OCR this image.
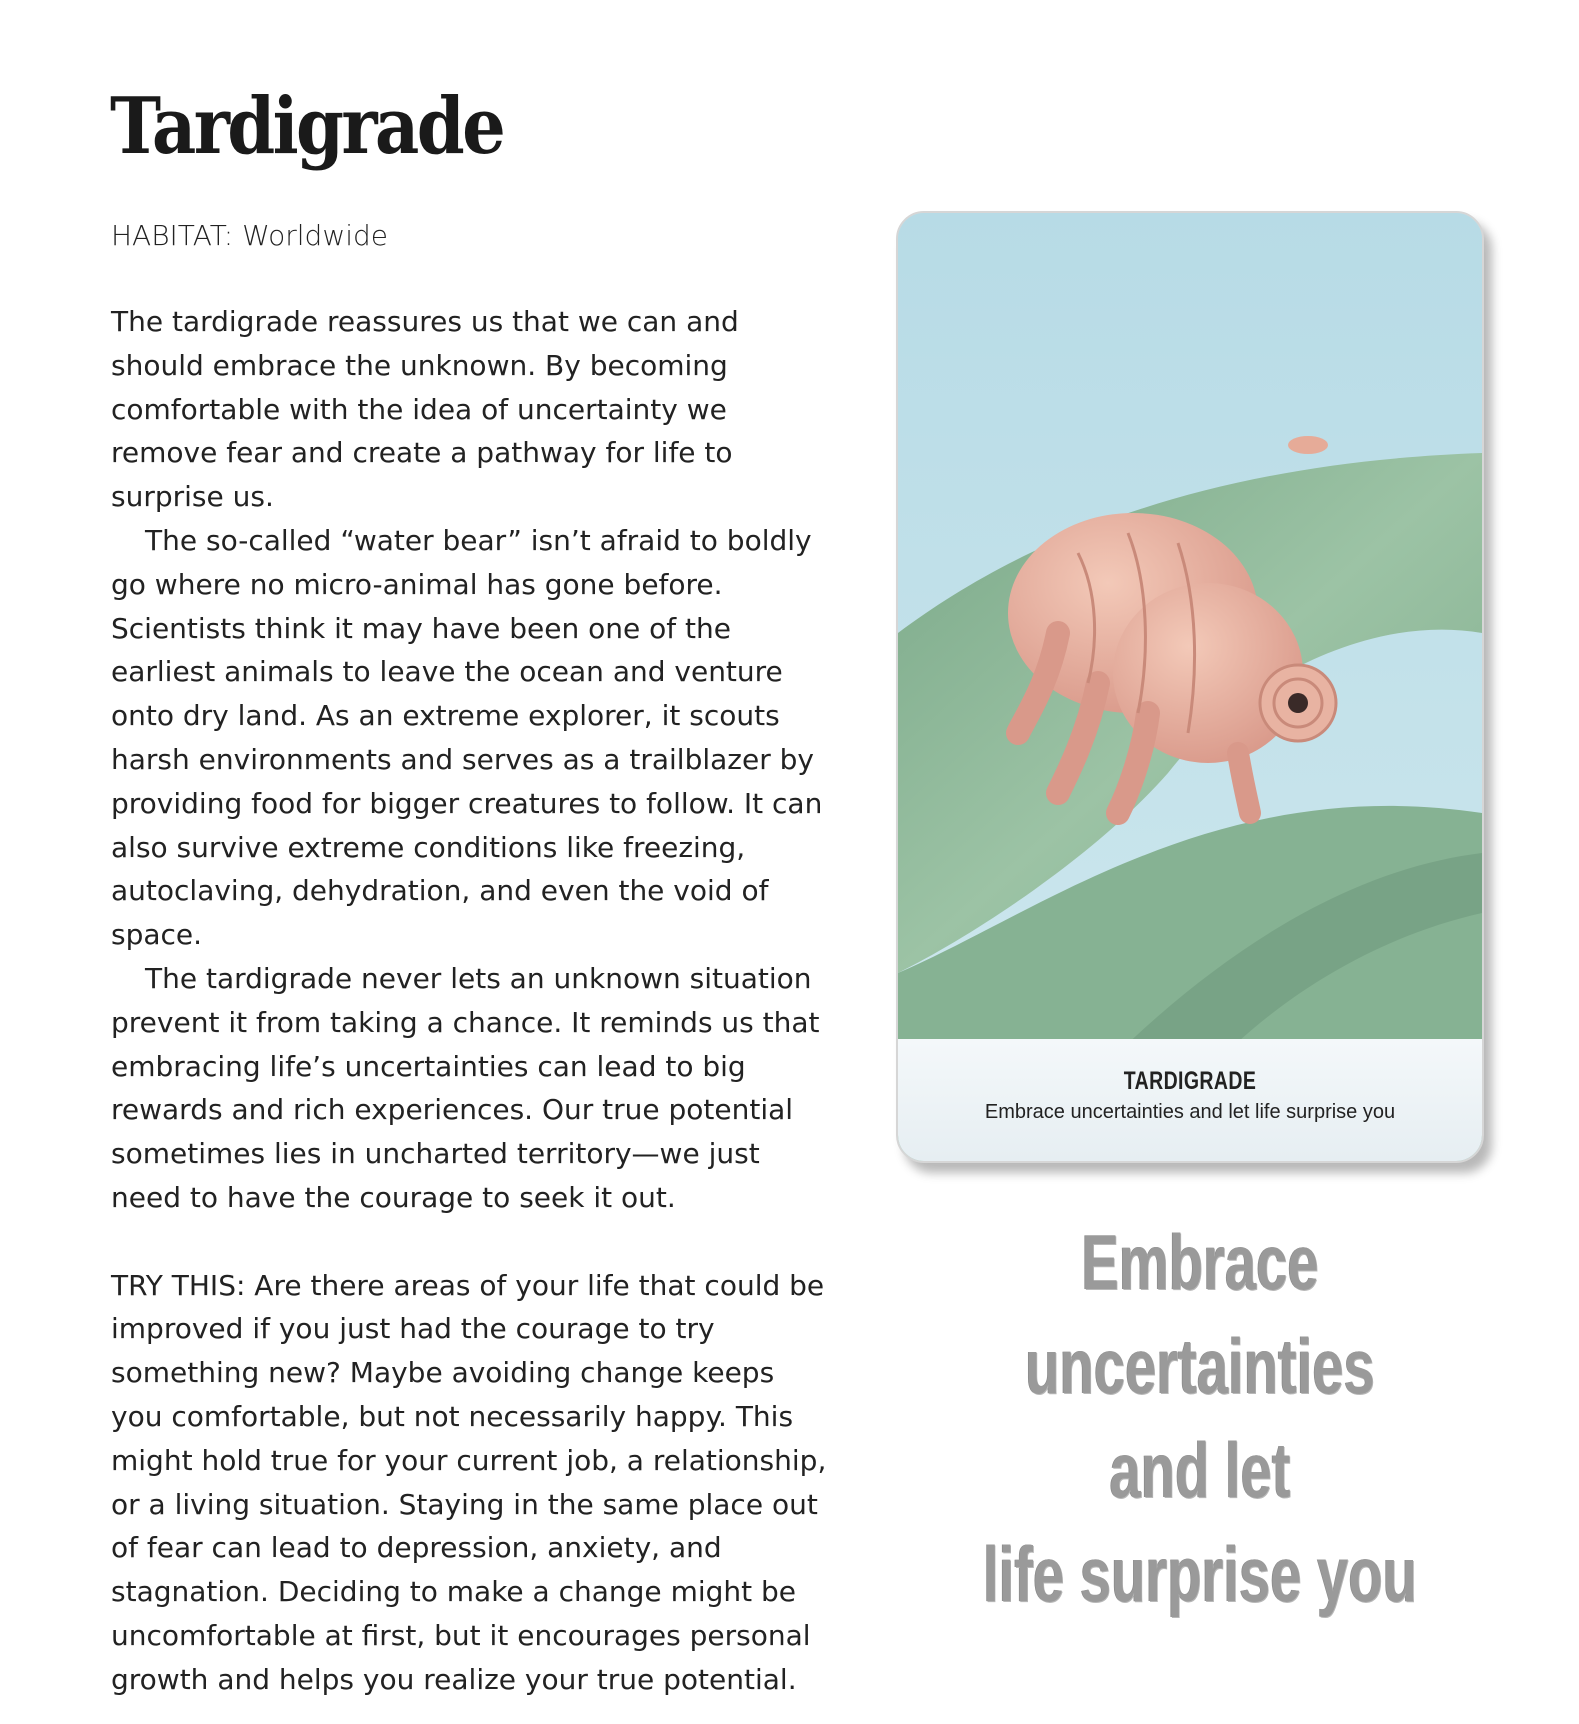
Tardigrade
HABITAT: Worldwide

The tardigrade reassures us that we can and should embrace the unknown. By becoming comfortable with the idea of uncertainty we remove fear and create a pathway for life to surprise us.

The so-called “water bear” isn’t afraid to boldly go where no micro-animal has gone before. Scientists think it may have been one of the earliest animals to leave the ocean and venture onto dry land. As an extreme explorer, it scouts harsh environments and serves as a trailblazer by providing food for bigger creatures to follow. It can also survive extreme conditions like freezing, autoclaving, dehydration, and even the void of space.

The tardigrade never lets an unknown situation prevent it from taking a chance. It reminds us that embracing life’s uncertainties can lead to big rewards and rich experiences. Our true potential sometimes lies in uncharted territory—we just need to have the courage to seek it out.

TRY THIS: Are there areas of your life that could be improved if you just had the courage to try something new? Maybe avoiding change keeps you comfortable, but not necessarily happy. This might hold true for your current job, a relationship, or a living situation. Staying in the same place out of fear can lead to depression, anxiety, and stagnation. Deciding to make a change might be uncomfortable at first, but it encourages personal growth and helps you realize your true potential.

TARDIGRADE
Embrace uncertainties and let life surprise you
Embrace
uncertainties and let
life surprise you
